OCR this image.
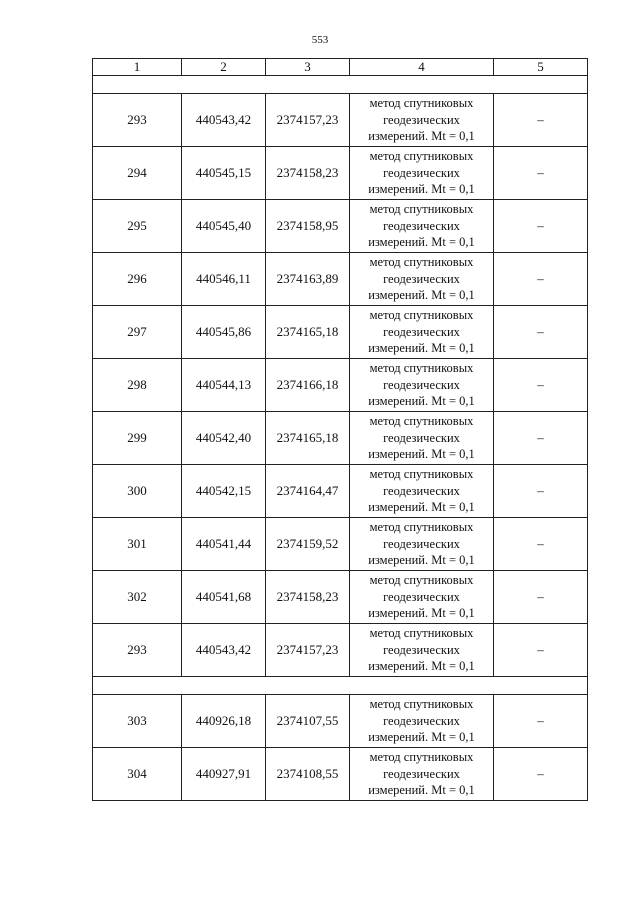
553
1	2	3	4	5

293	440543,42	2374157,23	метод спутниковых
геодезических
измерений. Mt = 0,1	–
294	440545,15	2374158,23	метод спутниковых
геодезических
измерений. Mt = 0,1	–
295	440545,40	2374158,95	метод спутниковых
геодезических
измерений. Mt = 0,1	–
296	440546,11	2374163,89	метод спутниковых
геодезических
измерений. Mt = 0,1	–
297	440545,86	2374165,18	метод спутниковых
геодезических
измерений. Mt = 0,1	–
298	440544,13	2374166,18	метод спутниковых
геодезических
измерений. Mt = 0,1	–
299	440542,40	2374165,18	метод спутниковых
геодезических
измерений. Mt = 0,1	–
300	440542,15	2374164,47	метод спутниковых
геодезических
измерений. Mt = 0,1	–
301	440541,44	2374159,52	метод спутниковых
геодезических
измерений. Mt = 0,1	–
302	440541,68	2374158,23	метод спутниковых
геодезических
измерений. Mt = 0,1	–
293	440543,42	2374157,23	метод спутниковых
геодезических
измерений. Mt = 0,1	–

303	440926,18	2374107,55	метод спутниковых
геодезических
измерений. Mt = 0,1	–
304	440927,91	2374108,55	метод спутниковых
геодезических
измерений. Mt = 0,1	–
